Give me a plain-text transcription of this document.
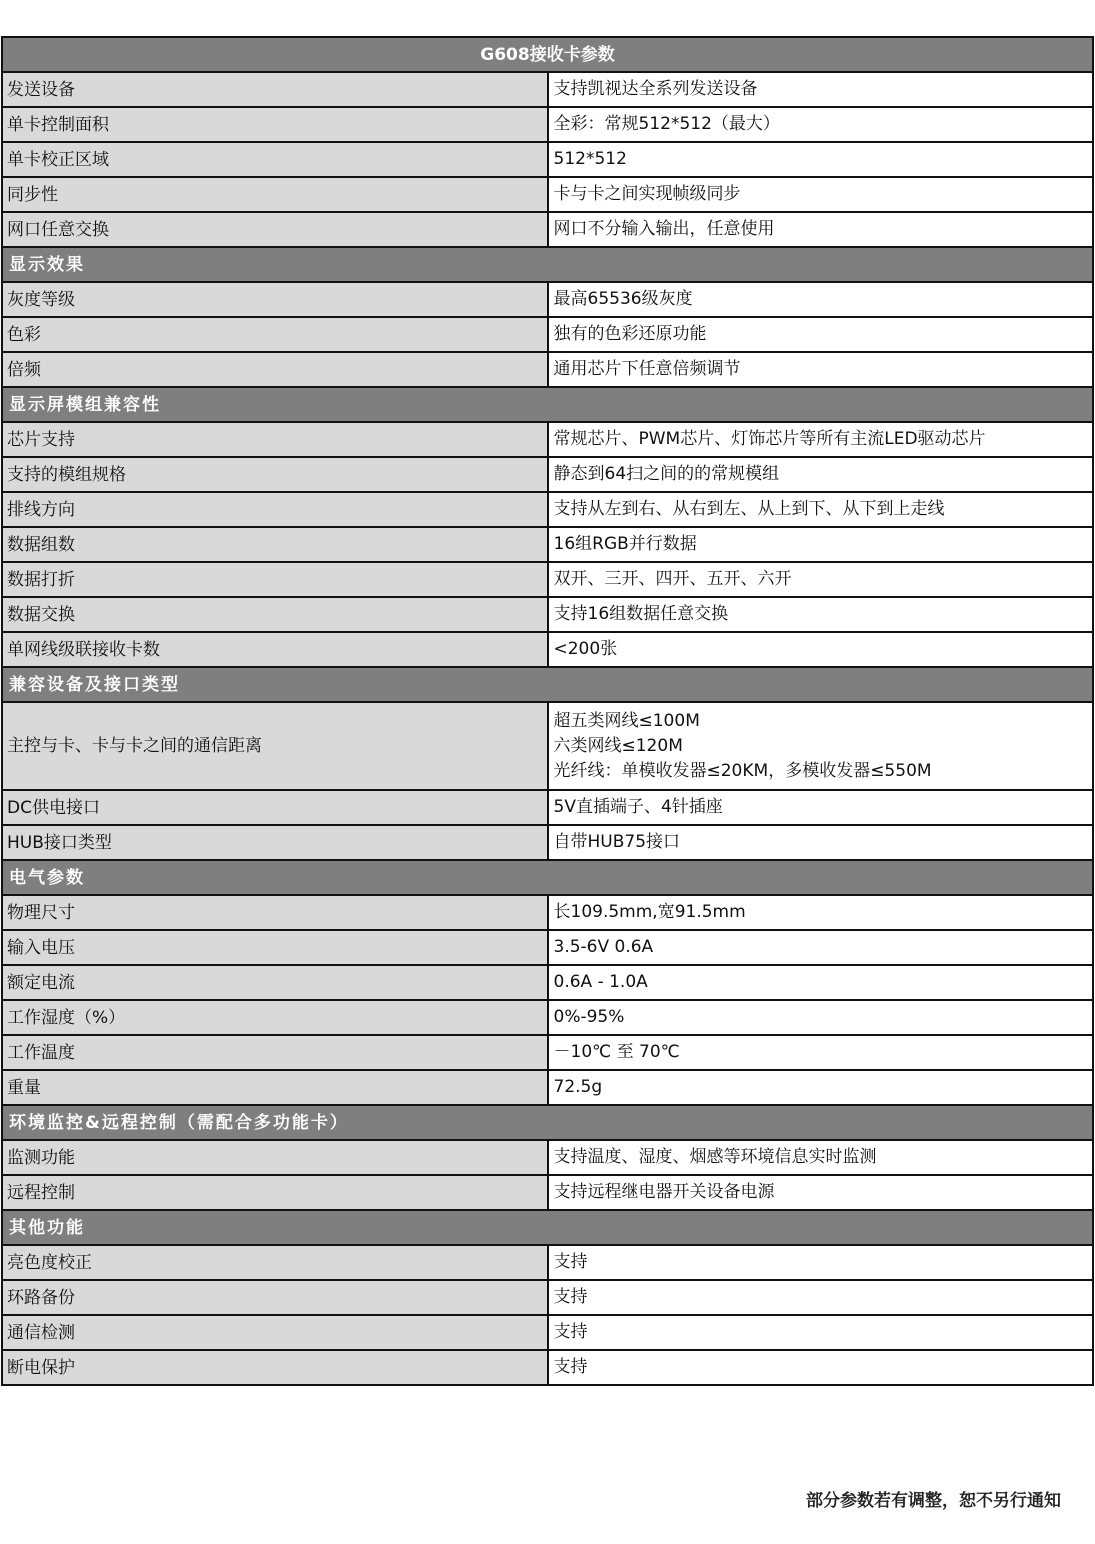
G608接收卡参数	
发送设备	支持凯视达全系列发送设备

单卡控制面积	全彩：常规512*512（最大）

单卡校正区域	512*512

同步性	卡与卡之间实现帧级同步

网口任意交换	网口不分输入输出，任意使用

显示效果	
灰度等级	最高65536级灰度

色彩	独有的色彩还原功能

倍频	通用芯片下任意倍频调节

显示屏模组兼容性	
芯片支持	常规芯片、PWM芯片、灯饰芯片等所有主流LED驱动芯片

支持的模组规格	静态到64扫之间的的常规模组

排线方向	支持从左到右、从右到左、从上到下、从下到上走线

数据组数	16组RGB并行数据

数据打折	双开、三开、四开、五开、六开

数据交换	支持16组数据任意交换

单网线级联接收卡数	<200张

兼容设备及接口类型	
主控与卡、卡与卡之间的通信距离	超五类网线≤100M
六类网线≤120M
光纤线：单模收发器≤20KM，多模收发器≤550M

DC供电接口	5V直插端子、4针插座

HUB接口类型	自带HUB75接口

电气参数	
物理尺寸	长109.5mm,宽91.5mm

输入电压	3.5-6V 0.6A

额定电流	0.6A - 1.0A

工作湿度（%）	0%-95%

工作温度	－10℃ 至 70℃

重量	72.5g

环境监控&远程控制（需配合多功能卡）	
监测功能	支持温度、湿度、烟感等环境信息实时监测

远程控制	支持远程继电器开关设备电源

其他功能	
亮色度校正	支持

环路备份	支持

通信检测	支持

断电保护	支持
部分参数若有调整，恕不另行通知
